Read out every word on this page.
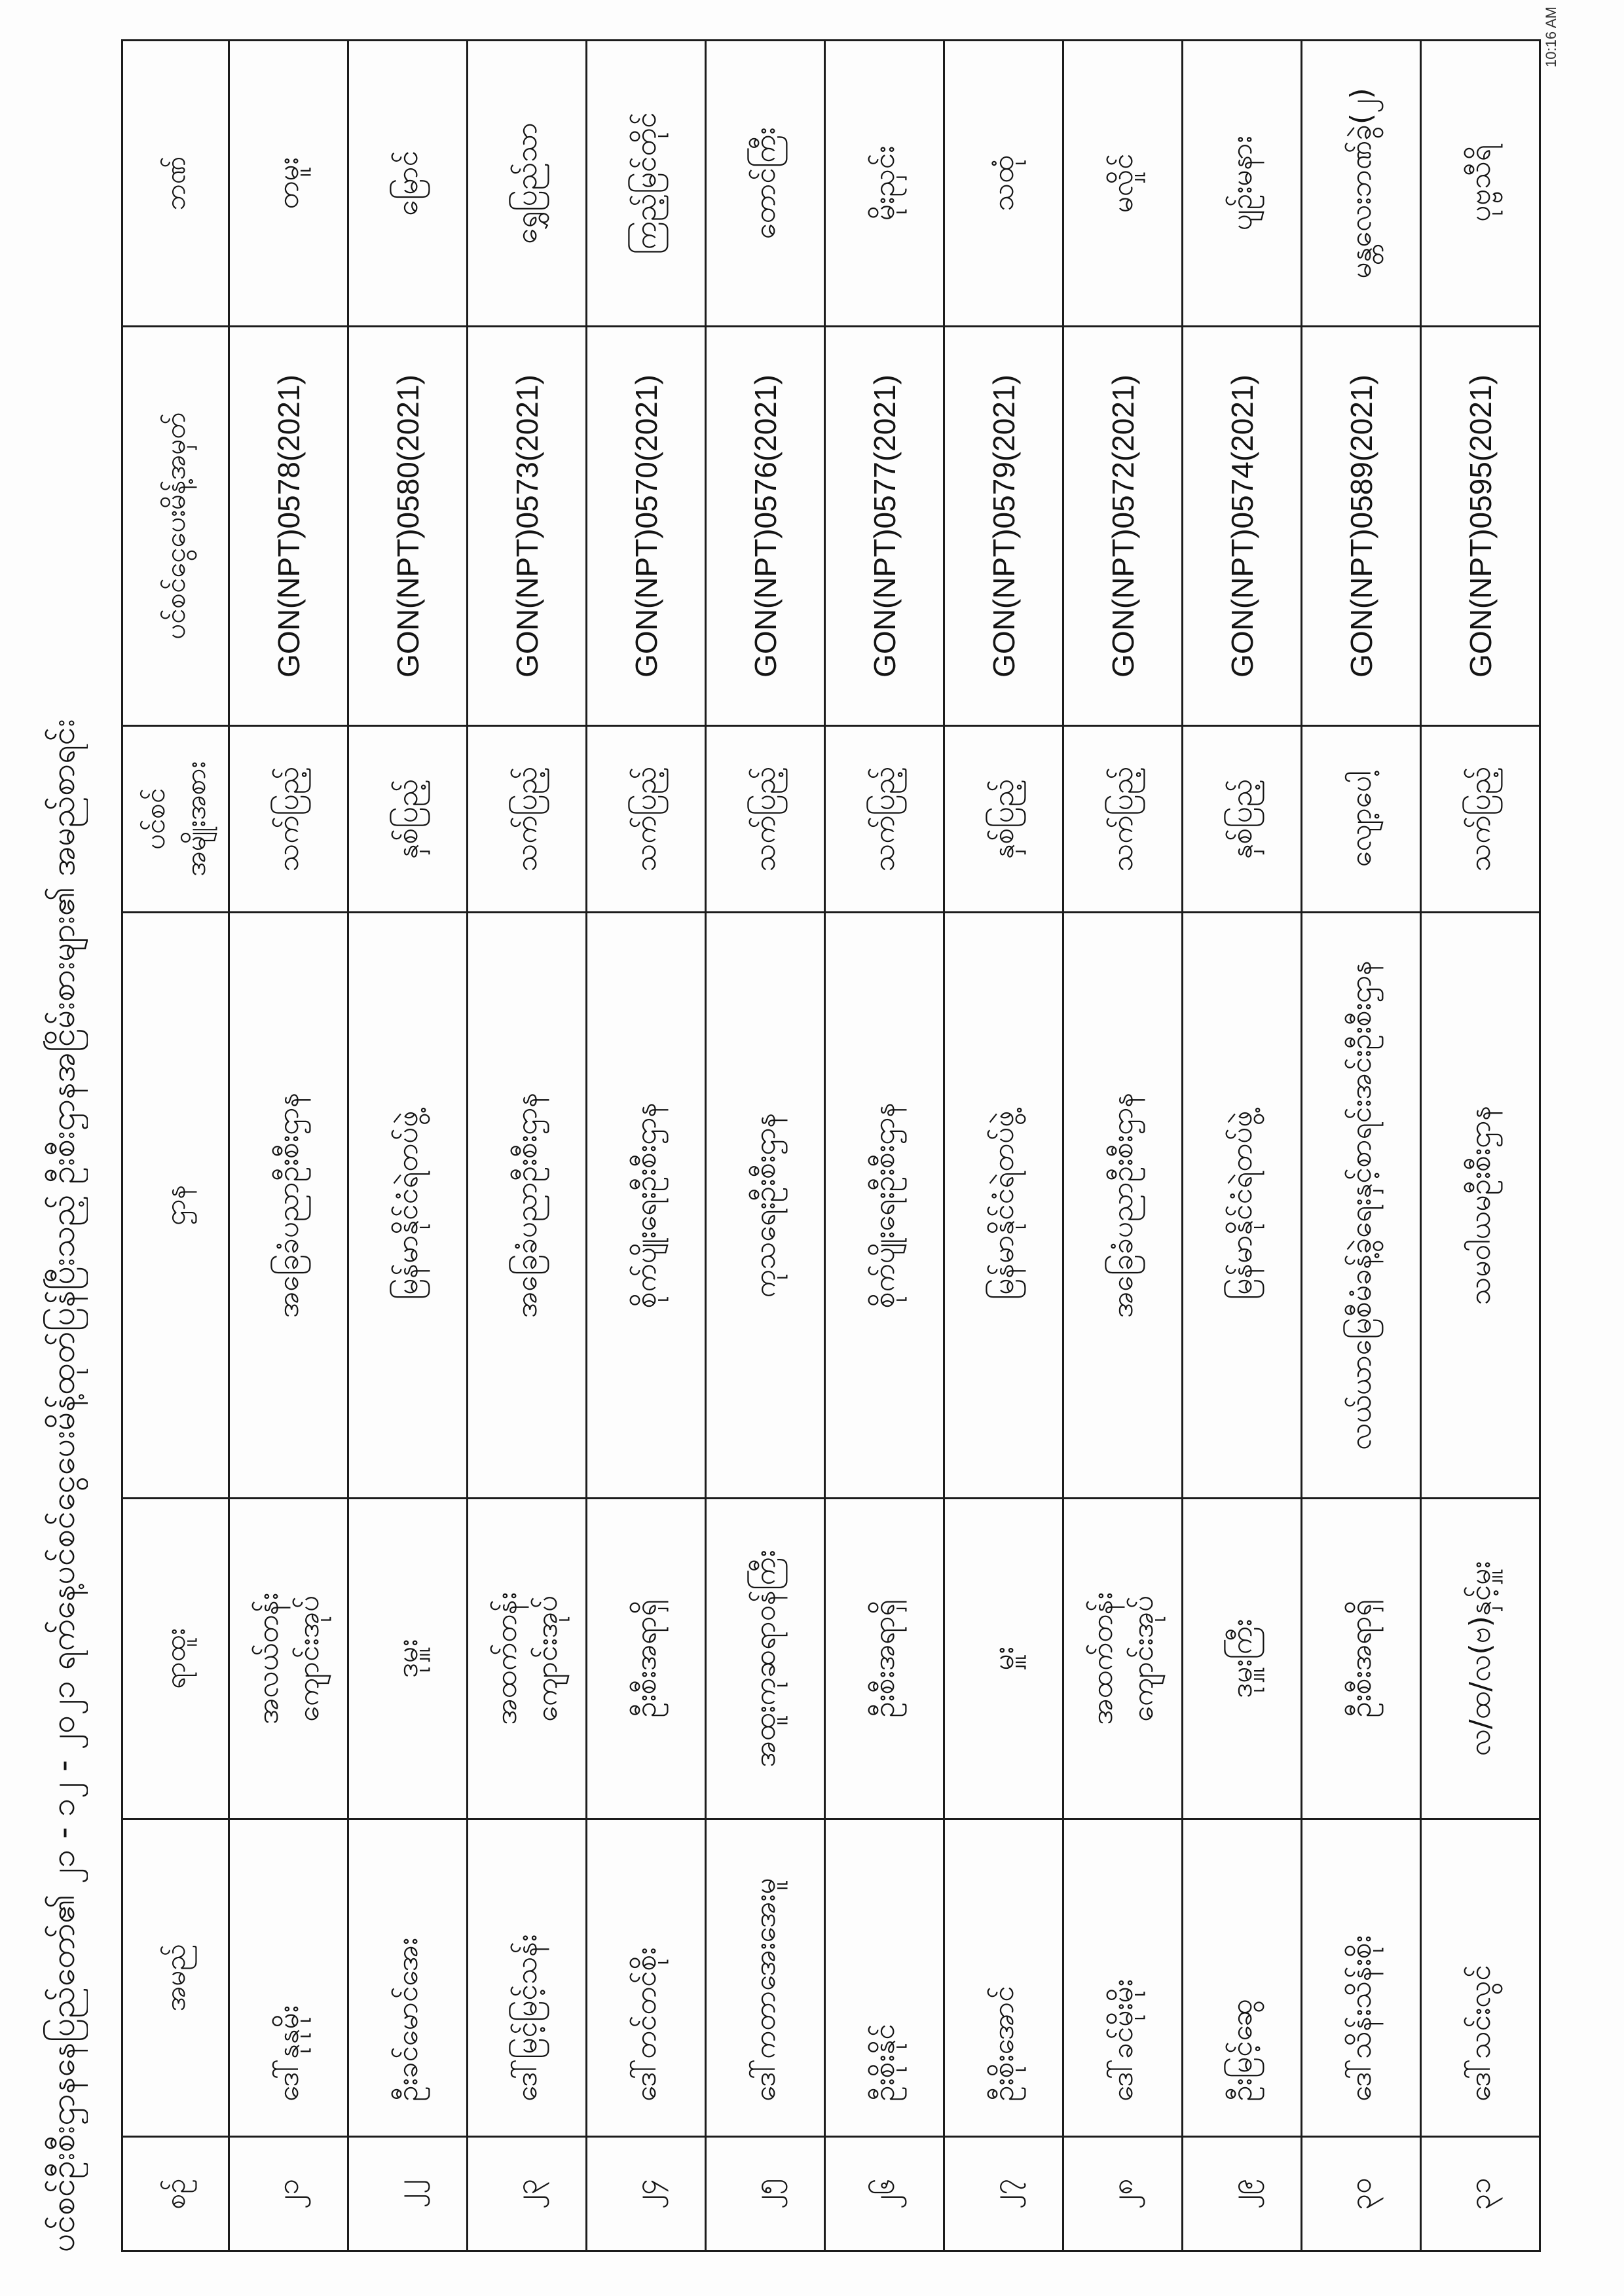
ပင်စင်ဦးစီးဌာနနေပြည်တော်၏ ၂၁ - ၁၂ - ၂၀၂၁ ရက်နေ့ပင်စင်ငွေပေးမိန့်ထုတ်ပြန်ပြီးသည့် ဦးစီးဌာနအငြိမ်းစားများ၏ အမည်စာရင်း	စဉ်
အမည်
ရာထူး
ဌာန
ပင်စင် အမျိုးအစား
ပင်စင်ငွေပေးမိန့်အမှတ်
ဘဏ်
၂၁
ဒေါ်နုနုမိုး
အလယ်တန်း ကျောင်းအုပ်
အခြေခံပညာဦးစီးဌာန
သက်ပြည့်
GON(NPT)0578(2021)
တမူး
၂၂
ဦးခင်မောင်အေး
ဒုမှူး
မြန်မာနိုင်ငံရဲတပ်ဖွဲ့
နှစ်ပြည့်
GON(NPT)0580(2021)
မြောင်
၂၃
ဒေါ်မြင့်မြင့်သန်း
အထက်တန်း ကျောင်းအုပ်
အခြေခံပညာဦးစီးဌာန
သက်ပြည့်
GON(NPT)0573(2021)
ရွှေပြည်သာ
၂၄
ဒေါ်တင်တင်စိုး
ဦးစီးအရာရှိ
စိုက်ပျိုးရေးဦးစီးဌာန
သက်ပြည့်
GON(NPT)0570(2021)
ကြည့်မြင်တိုင်
၂၅
ဒေါ်ကတာအေးအေးမူ
အထူးကုဆရာဝန်ကြီး
ကုသရေးဦးစီးဌာန
သက်ပြည့်
GON(NPT)0576(2021)
တောင်ကြီး
၂၆
ဦးစိုးနိုင်
ဦးစီးအရာရှိ
စိုက်ပျိုးရေးဦးစီးဌာန
သက်ပြည့်
GON(NPT)0577(2021)
မိုးညှင်း
၂၇
ဦးစိုးအောင်
မှူး
မြန်မာနိုင်ငံရဲတပ်ဖွဲ့
နှစ်ပြည့်
GON(NPT)0579(2021)
သထုံ
၂၈
ဒေါ်ခင်မိုးမိုး
အထက်တန်း ကျောင်းအုပ်
အခြေခံပညာဦးစီးဌာန
သက်ပြည့်
GON(NPT)0572(2021)
မလှိုင်
၂၉
ဦးမြင့်ဆွေ
ဒုမှူးကြီး
မြန်မာနိုင်ငံရဲတပ်ဖွဲ့
နှစ်ပြည့်
GON(NPT)0574(2021)
ပျဉ်းမနား
၃၀
ဒေါ်သိန်းသိန်းစိုး
ဦးစီးအရာရှိ
လယ်ယာမြေစီမံခန့်ခွဲရေးနှင့်စာရင်းအင်းဦးစီးဌာန
လျော့ပေါ့
GON(NPT)0589(2021)
မန္တလေးဘဏ်ခွဲ(၂)
၃၁
ဒေါ်သင်းလွင်
လ/ထ/လ(ဗ)နှင့်မှူး
သမဝါယမဦးစီးဌာန
သက်ပြည့်
GON(NPT)0595(2021)
ပုဗ္ဗသီရိ
10:16 AM
